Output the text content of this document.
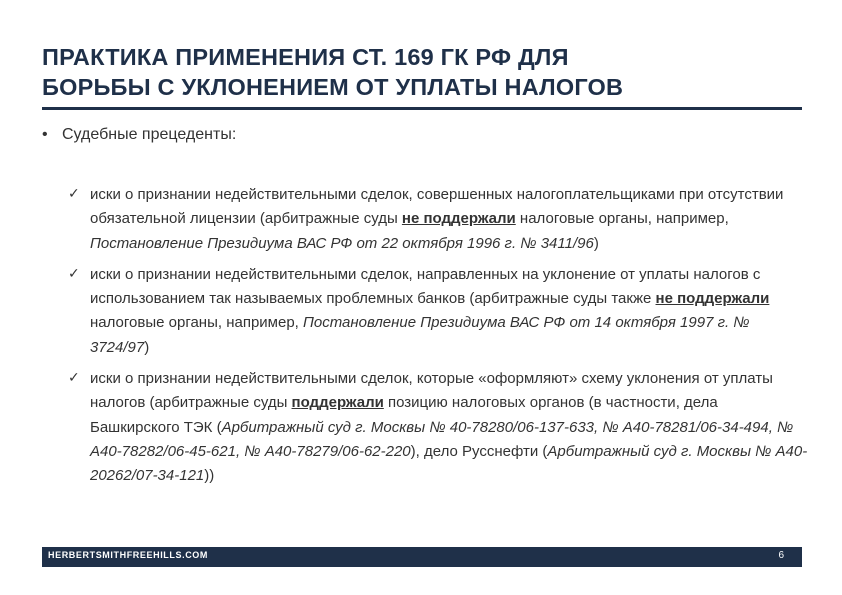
ПРАКТИКА ПРИМЕНЕНИЯ СТ. 169 ГК РФ ДЛЯ
БОРЬБЫ С УКЛОНЕНИЕМ ОТ УПЛАТЫ НАЛОГОВ
• Судебные прецеденты:
✓ иски о признании недействительными сделок, совершенных налогоплательщиками при отсутствии обязательной лицензии (арбитражные суды не поддержали налоговые органы, например, Постановление Президиума ВАС РФ от 22 октября 1996 г. № 3411/96)
✓ иски о признании недействительными сделок, направленных на уклонение от уплаты налогов с использованием так называемых проблемных банков (арбитражные суды также не поддержали налоговые органы, например, Постановление Президиума ВАС РФ от 14 октября 1997 г. № 3724/97)
✓ иски о признании недействительными сделок, которые «оформляют» схему уклонения от уплаты налогов (арбитражные суды поддержали позицию налоговых органов (в частности, дела Башкирского ТЭК (Арбитражный суд г. Москвы № 40-78280/06-137-633, № А40-78281/06-34-494, № А40-78282/06-45-621, № А40-78279/06-62-220), дело Русснефти (Арбитражный суд г. Москвы № А40-20262/07-34-121))
HERBERTSMITHFREEHILLS.COM	6
